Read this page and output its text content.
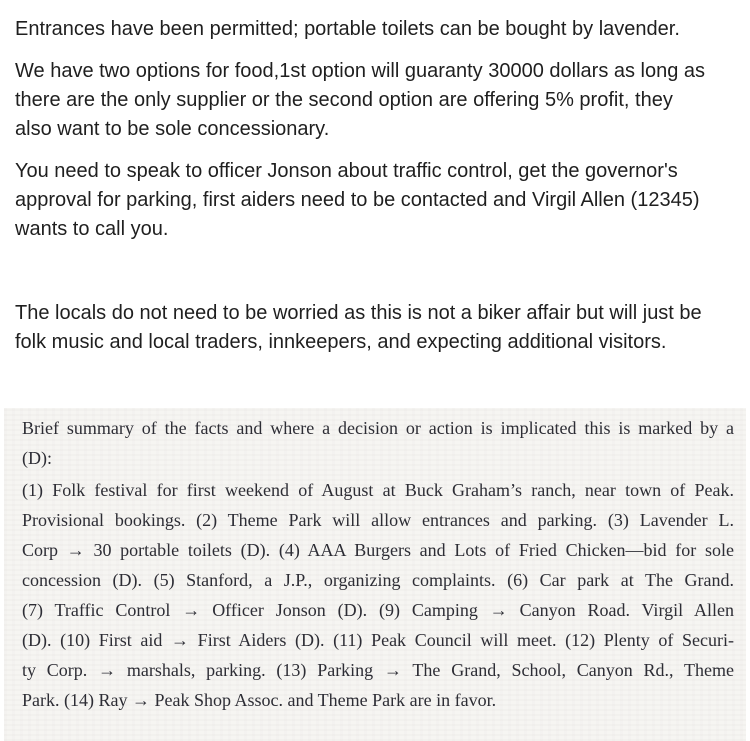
Entrances have been permitted; portable toilets can be bought by lavender.
We have two options for food,1st option will guaranty 30000 dollars as long as
there are the only supplier or the second option are offering 5% profit, they
also want to be sole concessionary.
You need to speak to officer Jonson about traffic control, get the governor's
approval for parking, first aiders need to be contacted and Virgil Allen (12345)
wants to call you.
The locals do not need to be worried as this is not a biker affair but will just be
folk music and local traders, innkeepers, and expecting additional visitors.
Brief summary of the facts and where a decision or action is implicated this is marked by a
(D):
(1) Folk festival for first weekend of August at Buck Graham’s ranch, near town of Peak.
Provisional bookings. (2) Theme Park will allow entrances and parking. (3) Lavender L.
Corp → 30 portable toilets (D). (4) AAA Burgers and Lots of Fried Chicken—bid for sole
concession (D). (5) Stanford, a J.P., organizing complaints. (6) Car park at The Grand.
(7) Traffic Control → Officer Jonson (D). (9) Camping → Canyon Road. Virgil Allen
(D). (10) First aid → First Aiders (D). (11) Peak Council will meet. (12) Plenty of Securi-
ty Corp. → marshals, parking. (13) Parking → The Grand, School, Canyon Rd., Theme
Park. (14) Ray → Peak Shop Assoc. and Theme Park are in favor.
